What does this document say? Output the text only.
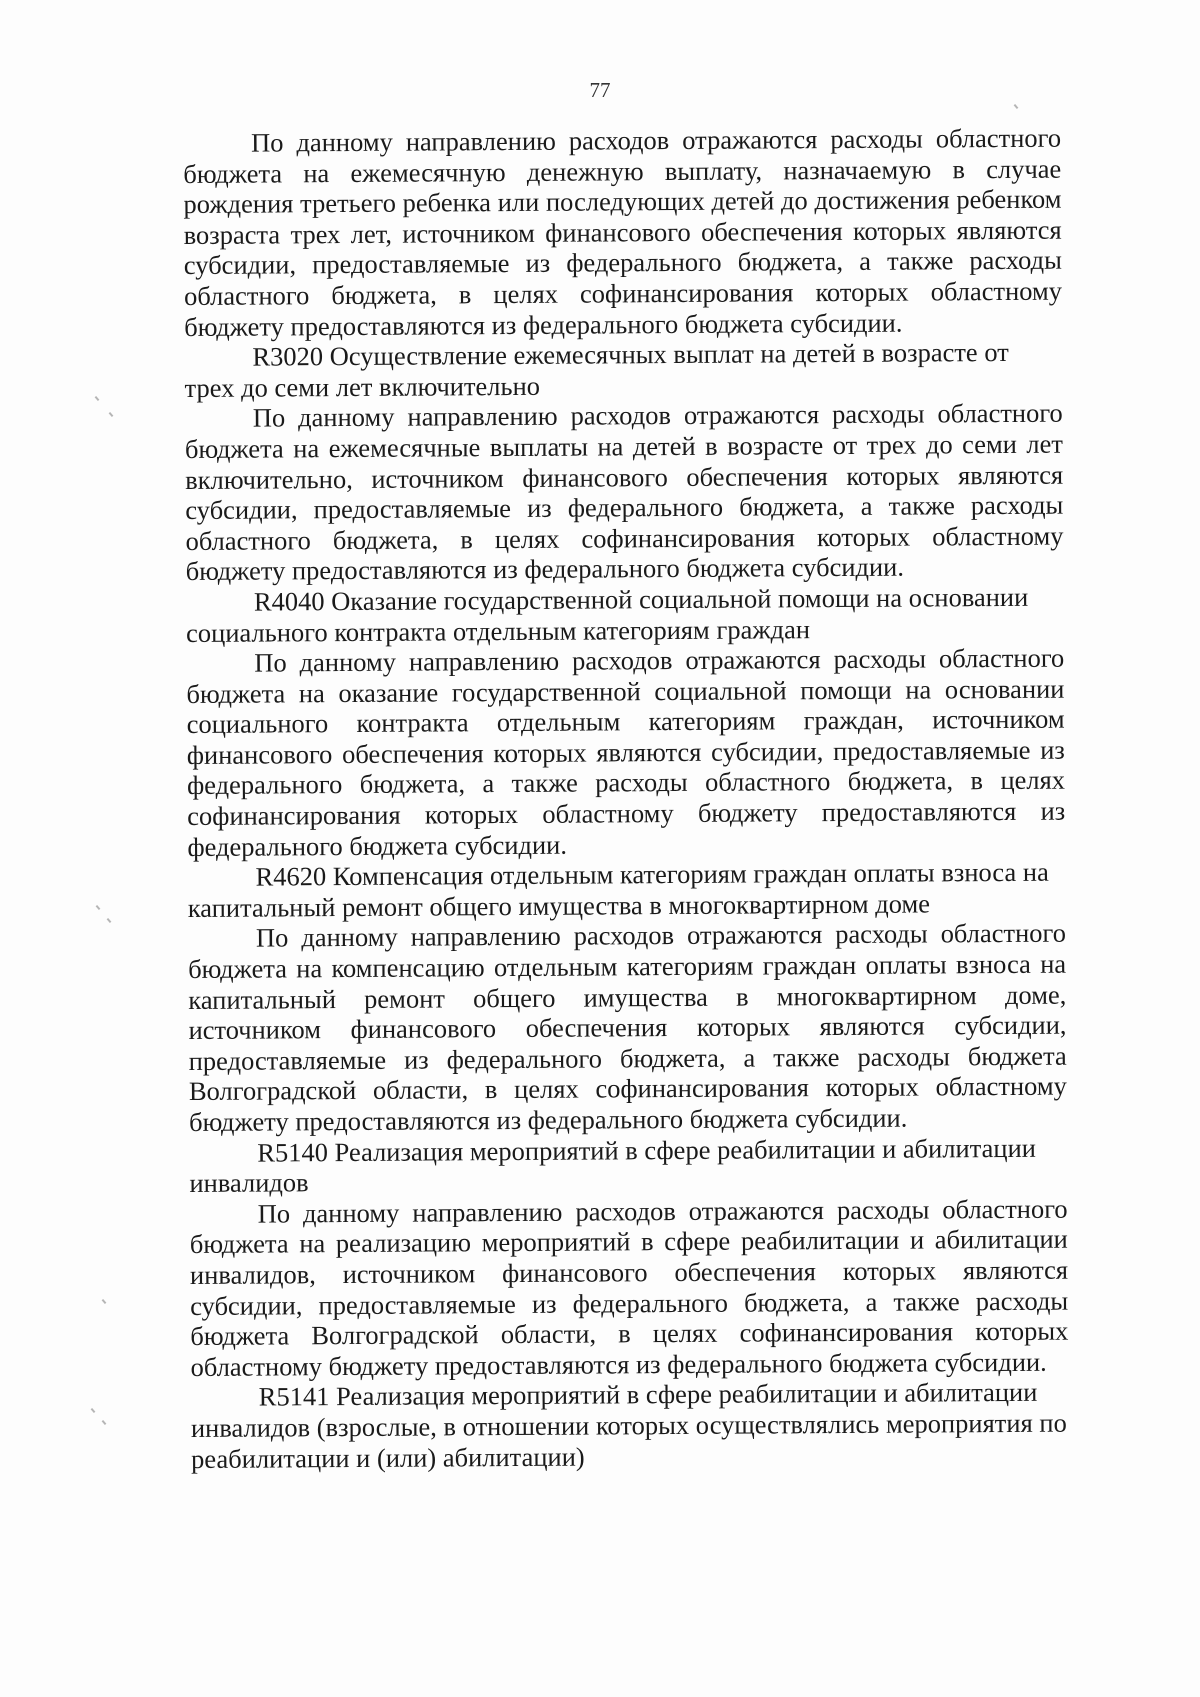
77

По данному направлению расходов отражаются расходы областного бюджета на ежемесячную денежную выплату, назначаемую в случае рождения третьего ребенка или последующих детей до достижения ребенком возраста трех лет, источником финансового обеспечения которых являются субсидии, предоставляемые из федерального бюджета, а также расходы областного бюджета, в целях софинансирования которых областному бюджету предоставляются из федерального бюджета субсидии.

R3020 Осуществление ежемесячных выплат на детей в возрасте от трех до семи лет включительно

По данному направлению расходов отражаются расходы областного бюджета на ежемесячные выплаты на детей в возрасте от трех до семи лет включительно, источником финансового обеспечения которых являются субсидии, предоставляемые из федерального бюджета, а также расходы областного бюджета, в целях софинансирования которых областному бюджету предоставляются из федерального бюджета субсидии.

R4040 Оказание государственной социальной помощи на основании социального контракта отдельным категориям граждан

По данному направлению расходов отражаются расходы областного бюджета на оказание государственной социальной помощи на основании социального контракта отдельным категориям граждан, источником финансового обеспечения которых являются субсидии, предоставляемые из федерального бюджета, а также расходы областного бюджета, в целях софинансирования которых областному бюджету предоставляются из федерального бюджета субсидии.

R4620 Компенсация отдельным категориям граждан оплаты взноса на капитальный ремонт общего имущества в многоквартирном доме

По данному направлению расходов отражаются расходы областного бюджета на компенсацию отдельным категориям граждан оплаты взноса на капитальный ремонт общего имущества в многоквартирном доме, источником финансового обеспечения которых являются субсидии, предоставляемые из федерального бюджета, а также расходы бюджета Волгоградской области, в целях софинансирования которых областному бюджету предоставляются из федерального бюджета субсидии.

R5140 Реализация мероприятий в сфере реабилитации и абилитации инвалидов

По данному направлению расходов отражаются расходы областного бюджета на реализацию мероприятий в сфере реабилитации и абилитации инвалидов, источником финансового обеспечения которых являются субсидии, предоставляемые из федерального бюджета, а также расходы бюджета Волгоградской области, в целях софинансирования которых областному бюджету предоставляются из федерального бюджета субсидии.

R5141 Реализация мероприятий в сфере реабилитации и абилитации инвалидов (взрослые, в отношении которых осуществлялись мероприятия по реабилитации и (или) абилитации)
